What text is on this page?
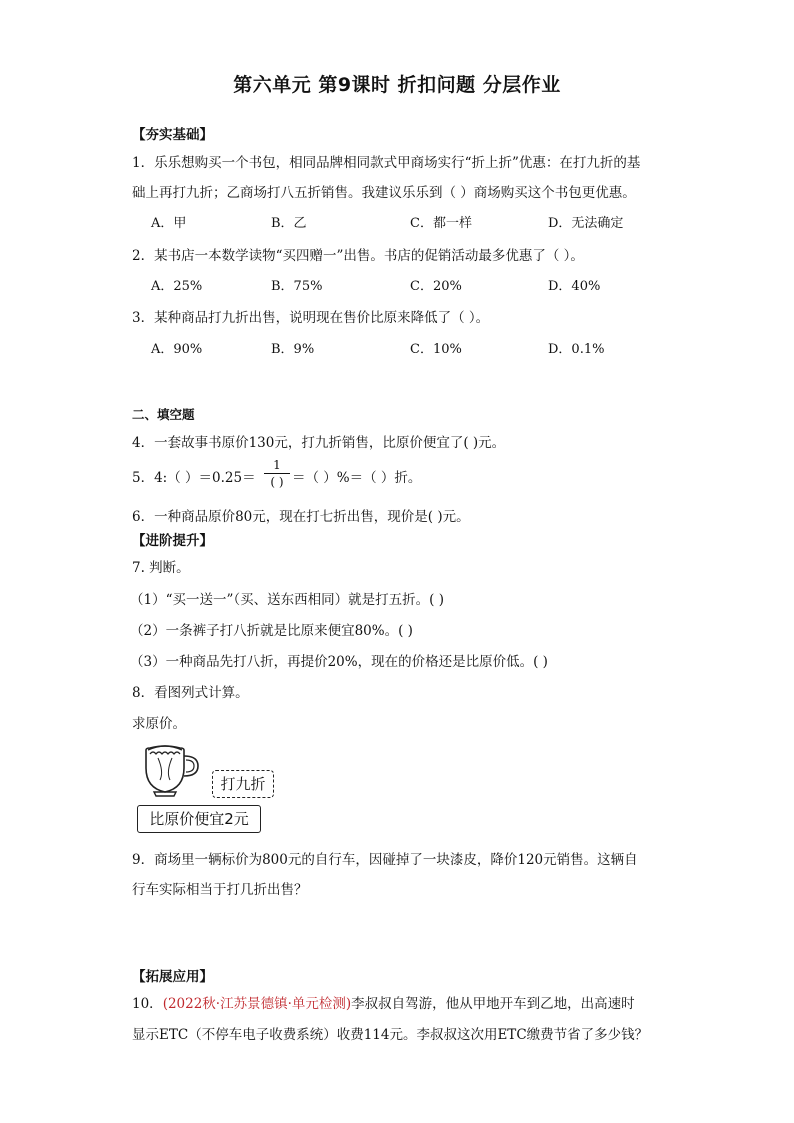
第六单元 第9课时 折扣问题 分层作业
【夯实基础】
1．乐乐想购买一个书包，相同品牌相同款式甲商场实行“折上折”优惠：在打九折的基
础上再打九折；乙商场打八五折销售。我建议乐乐到（ ）商场购买这个书包更优惠。
A．甲	B．乙	C．都一样	D．无法确定
2．某书店一本数学读物“买四赠一”出售。书店的促销活动最多优惠了（ ）。
A．25%	B．75%	C．20%	D．40%
3．某种商品打九折出售，说明现在售价比原来降低了（ ）。
A．90%	B．9%	C．10%	D．0.1%
二、填空题
4．一套故事书原价130元，打九折销售，比原价便宜了( )元。
5．4:（ ）＝0.25＝
1
( ) ＝（ ）%＝（ ）折。
6．一种商品原价80元，现在打七折出售，现价是( )元。
【进阶提升】
7. 判断。
（1）“买一送一”（买、送东西相同）就是打五折。( )
（2）一条裤子打八折就是比原来便宜80%。( )
（3）一种商品先打八折，再提价20%，现在的价格还是比原价低。( )
8．看图列式计算。
求原价。
打九折
比原价便宜2元
9．商场里一辆标价为800元的自行车，因碰掉了一块漆皮，降价120元销售。这辆自
行车实际相当于打几折出售？
【拓展应用】
10．(2022秋·江苏景德镇·单元检测)李叔叔自驾游，他从甲地开车到乙地，出高速时
显示ETC（不停车电子收费系统）收费114元。李叔叔这次用ETC缴费节省了多少钱？
